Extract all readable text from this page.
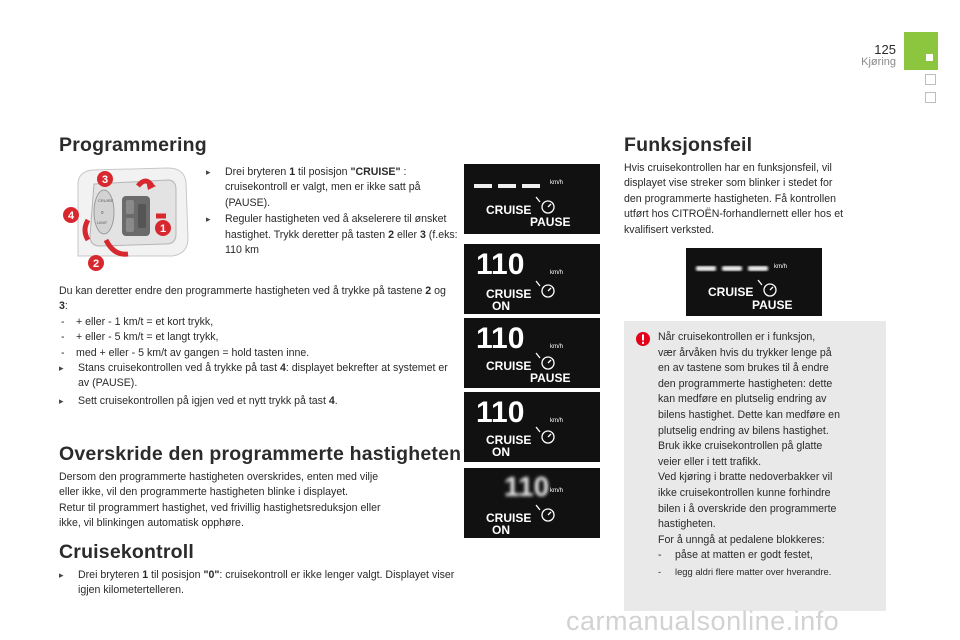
125
Kjøring
Programmering
CRUISE
0
LIMIT
3
4
1
2
▸ Drei bryteren 1 til posisjon "CRUISE" : cruisekontroll er valgt, men er ikke satt på (PAUSE).
▸ Reguler hastigheten ved å akselerere til ønsket hastighet. Trykk deretter på tasten 2 eller 3 (f.eks: 110 km
Du kan deretter endre den programmerte hastigheten ved å trykke på tastene 2 og 3:
- + eller - 1 km/t = et kort trykk,
- + eller - 5 km/t = et langt trykk,
- med + eller - 5 km/t av gangen = hold tasten inne.
▸ Stans cruisekontrollen ved å trykke på tast 4: displayet bekrefter at systemet er av (PAUSE).
▸ Sett cruisekontrollen på igjen ved et nytt trykk på tast 4.
Overskride den programmerte hastigheten
Dersom den programmerte hastigheten overskrides, enten med vilje
eller ikke, vil den programmerte hastigheten blinke i displayet.
Retur til programmert hastighet, ved frivillig hastighetsreduksjon eller
ikke, vil blinkingen automatisk opphøre.
Cruisekontroll
▸ Drei bryteren 1 til posisjon "0": cruisekontroll er ikke lenger valgt. Displayet viser igjen kilometertelleren.
km/h
CRUISE
PAUSE
110	km/h
CRUISE
ON
110	km/h
CRUISE
PAUSE
110	km/h
CRUISE
ON
110 km/h
CRUISE
ON
Funksjonsfeil
Hvis cruisekontrollen har en funksjonsfeil, vil
displayet vise streker som blinker i stedet for
den programmerte hastigheten. Få kontrollen
utført hos CITROËN-forhandlernett eller hos et
kvalifisert verksted.
km/h
CRUISE
PAUSE
Når cruisekontrollen er i funksjon,
vær årvåken hvis du trykker lenge på
en av tastene som brukes til å endre
den programmerte hastigheten: dette
kan medføre en plutselig endring av
bilens hastighet. Dette kan medføre en
plutselig endring av bilens hastighet.
Bruk ikke cruisekontrollen på glatte
veier eller i tett trafikk.
Ved kjøring i bratte nedoverbakker vil
ikke cruisekontrollen kunne forhindre
bilen i å overskride den programmerte
hastigheten.
For å unngå at pedalene blokkeres:
- påse at matten er godt festet,
- legg aldri flere matter over hverandre.
carmanualsonline.info
